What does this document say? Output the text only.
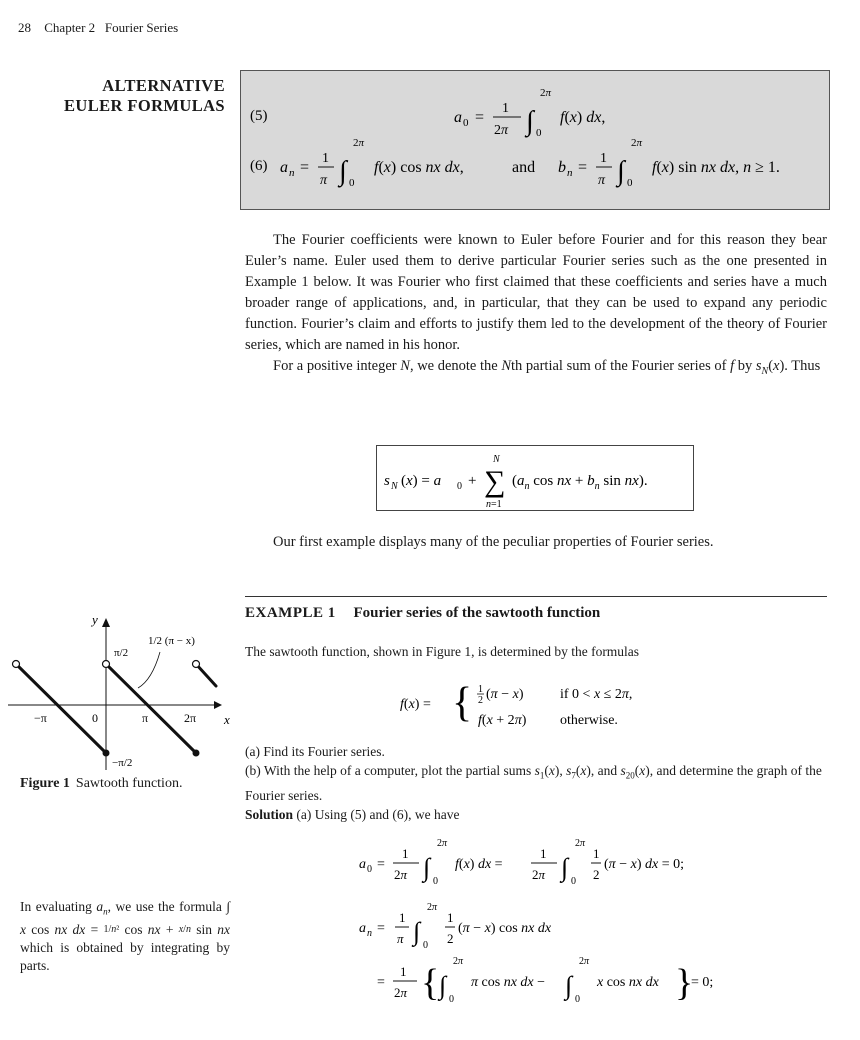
28 Chapter 2   Fourier Series
ALTERNATIVE
EULER FORMULAS
(5)	a 0 =
1
2π ∫
2π
0
f(x) dx,
(6) a n =
1
π ∫
2π
0
f(x) cos nx dx,	and b n =
1
π ∫
2π
0
f(x) sin nx dx, n ≥ 1.

The Fourier coefficients were known to Euler before Fourier and for this reason they bear Euler’s name. Euler used them to derive particular Fourier series such as the one presented in Example 1 below. It was Fourier who first claimed that these coefficients and series have a much broader range of applications, and, in particular, that they can be used to expand any periodic function. Fourier’s claim and efforts to justify them led to the development of the theory of Fourier series, which are named in his honor.

For a positive integer N, we denote the Nth partial sum of the Fourier series of f by $s_N(x)$. Thus

s N (x) = a 0 + ∑
N
n=1
($a_n$ cos nx + $b_n$ sin nx).

Our first example displays many of the peculiar properties of Fourier series.

EXAMPLE 1 Fourier series of the sawtooth function
The sawtooth function, shown in Figure 1, is determined by the formulas
f(x) = { 1
2 (π − x)	if 0 < x ≤ 2π,
f(x + 2π) otherwise.
(a) Find its Fourier series.
(b) With the help of a computer, plot the partial sums $s_1(x)$, $s_7(x)$, and $s_{20}(x)$, and determine the graph of the Fourier series.
Solution (a) Using (5) and (6), we have
a 0 =
1
2π ∫
2π
0
f(x) dx =
1
2π ∫
2π
0
1
2
(π − x) dx = 0;
a n =
1
π ∫
2π
0
1
2
(π − x) cos nx dx
=
1
2π { ∫
2π
0
π cos nx dx − ∫
2π
0
x cos nx dx }
= 0;
y
x
1/2 (π − x)
π/2
−π/2
−π	0	π	2π
Figure 1 Sawtooth function.
In evaluating $a_n$, we use the formula ∫ x cos nx dx = 1/n² cos nx + x/n sin nx which is obtained by integrating by parts.
